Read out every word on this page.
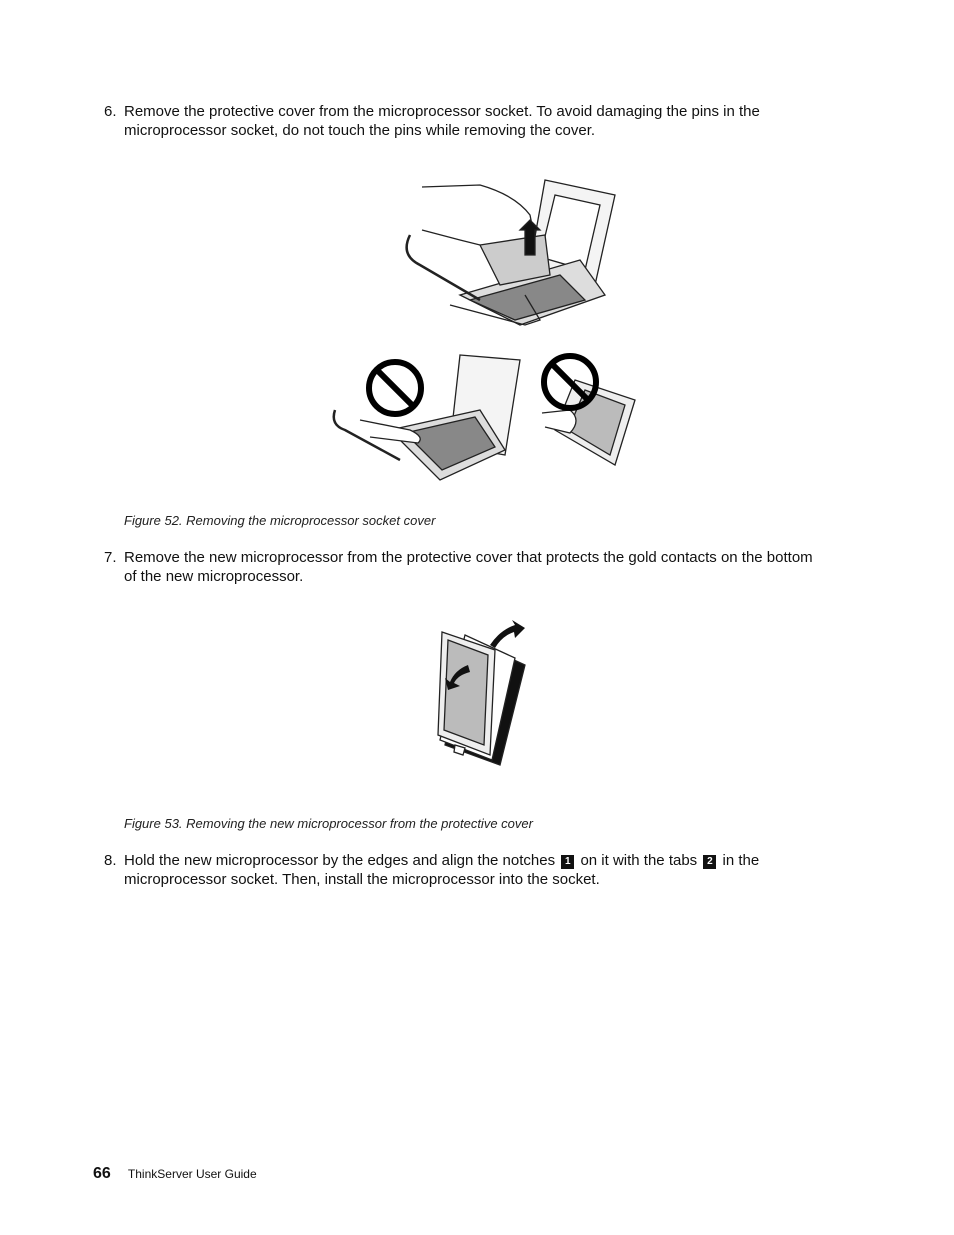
6. Remove the protective cover from the microprocessor socket. To avoid damaging the pins in the microprocessor socket, do not touch the pins while removing the cover.
Figure 52. Removing the microprocessor socket cover
7. Remove the new microprocessor from the protective cover that protects the gold contacts on the bottom of the new microprocessor.
Figure 53. Removing the new microprocessor from the protective cover
8. Hold the new microprocessor by the edges and align the notches 1 on it with the tabs 2 in the microprocessor socket. Then, install the microprocessor into the socket.
66 ThinkServer User Guide
